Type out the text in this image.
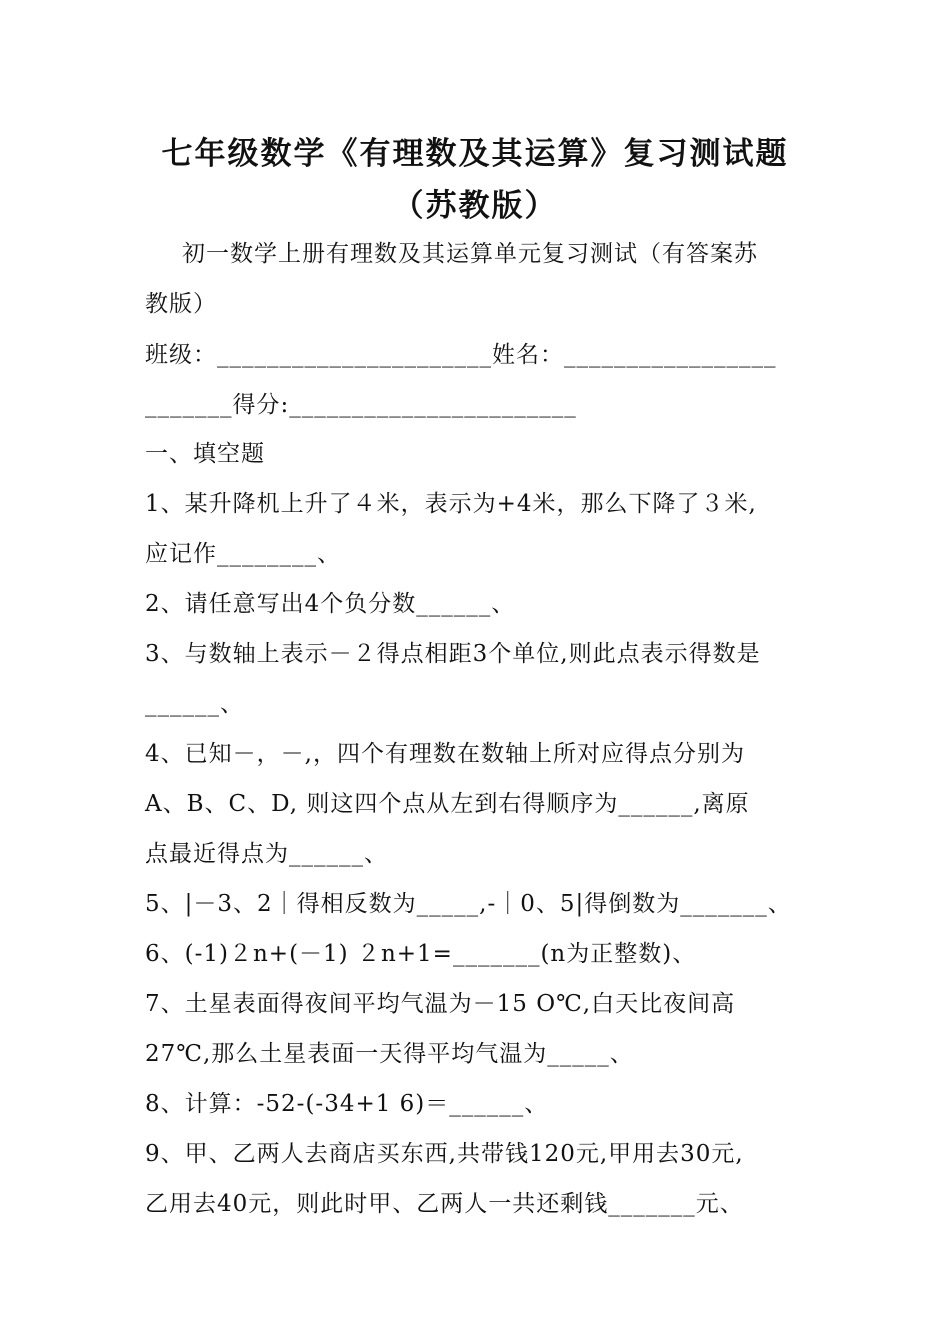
七年级数学《有理数及其运算》复习测试题
（苏教版）
初一数学上册有理数及其运算单元复习测试（有答案苏
教版）
班级：______________________姓名：_________________
_______得分:_______________________
一、填空题
1、某升降机上升了４米，表示为+4米，那么下降了３米,
应记作________、
2、请任意写出4个负分数______、
3、与数轴上表示－２得点相距3个单位,则此点表示得数是
______、
4、已知－，－,，四个有理数在数轴上所对应得点分别为
A、B、C、D, 则这四个点从左到右得顺序为______,离原
点最近得点为______、
5、|－3、2｜得相反数为_____,-｜0、5|得倒数为_______、
6、(-1)２n+(－1) ２n+1=_______(n为正整数)、
7、土星表面得夜间平均气温为－15 O℃,白天比夜间高
27℃,那么土星表面一天得平均气温为_____、
8、计算：-52-(-34+1 6)＝______、
9、甲、乙两人去商店买东西,共带钱120元,甲用去30元,
乙用去40元，则此时甲、乙两人一共还剩钱_______元、
